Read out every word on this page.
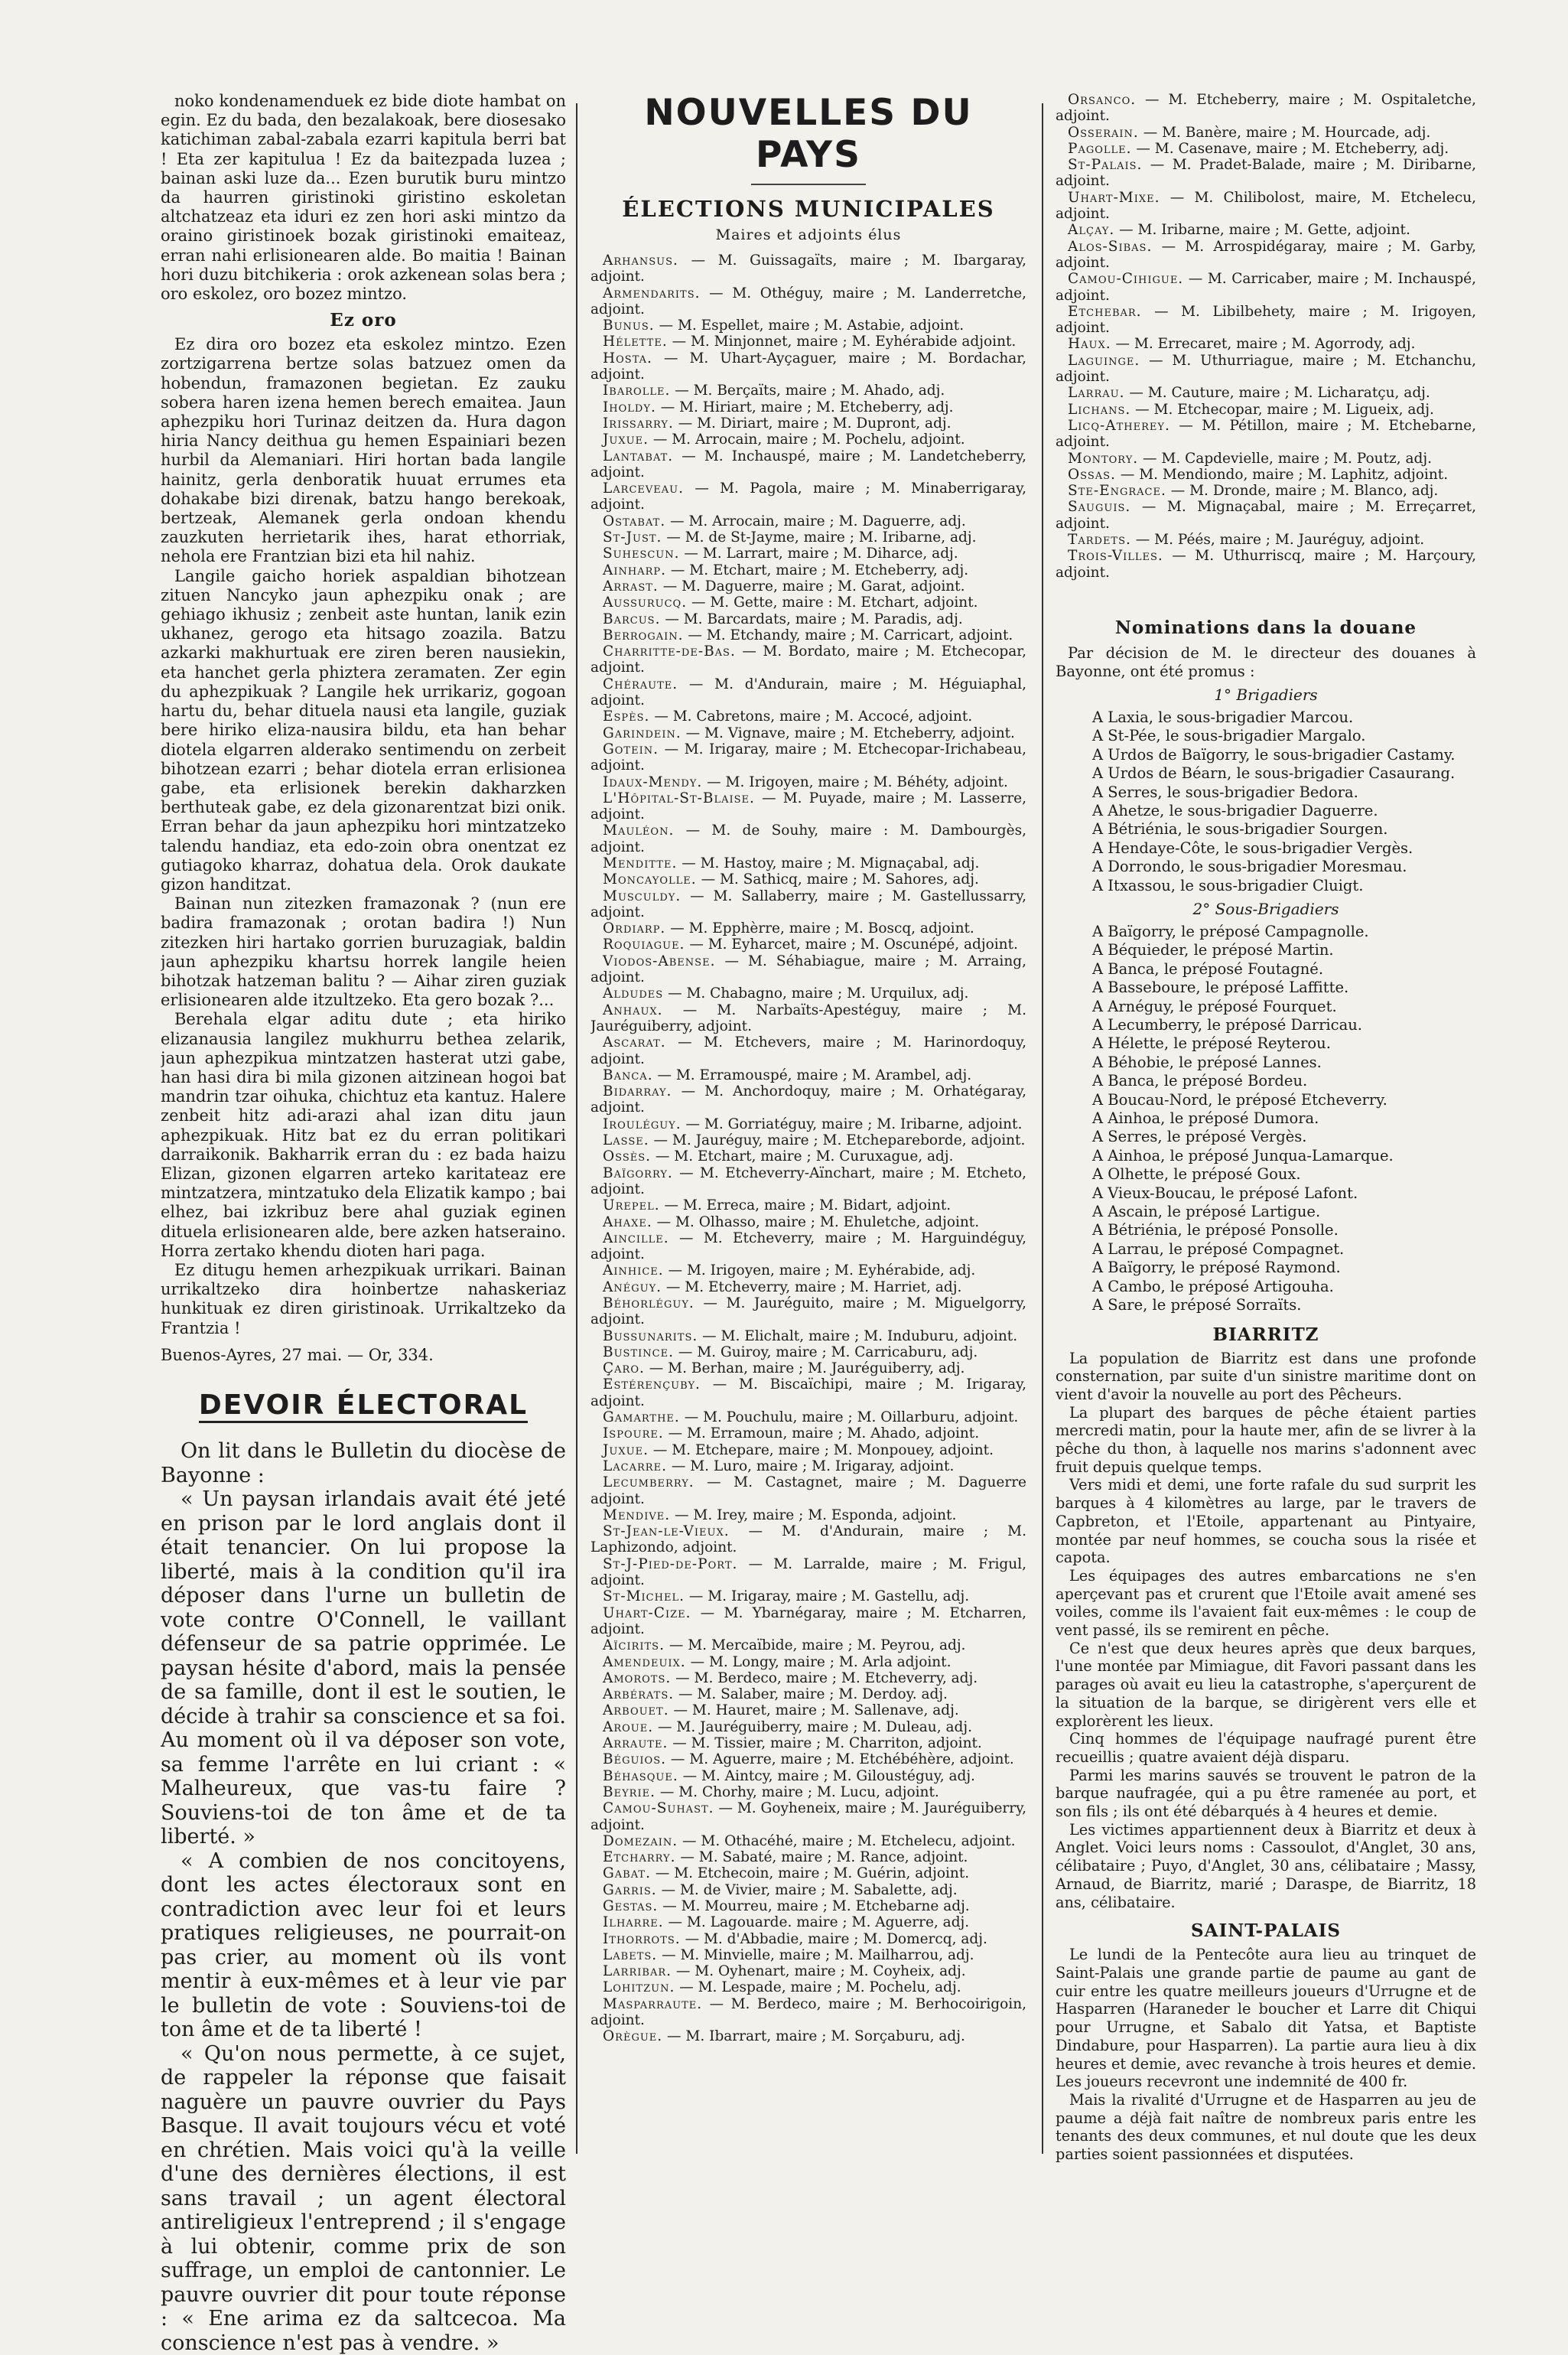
noko kondenamenduek ez bide diote hambat on egin. Ez du bada, den bezalakoak, bere diosesako katichiman zabal-zabala ezarri kapitula berri bat ! Eta zer kapitulua ! Ez da baitezpada luzea ; bainan aski luze da... Ezen burutik buru mintzo da haurren giristinoki giristino eskoletan altchatzeaz eta iduri ez zen hori aski mintzo da oraino giristinoek bozak giristinoki emaiteaz, erran nahi erlisionearen alde. Bo maitia ! Bainan hori duzu bitchikeria : orok azkenean solas bera ; oro eskolez, oro bozez mintzo.

Ez oro

Ez dira oro bozez eta eskolez mintzo. Ezen zortzigarrena bertze solas batzuez omen da hobendun, framazonen begietan. Ez zauku sobera haren izena hemen berech emaitea. Jaun aphezpiku hori Turinaz deitzen da. Hura dagon hiria Nancy deithua gu hemen Espainiari bezen hurbil da Alemaniari. Hiri hortan bada langile hainitz, gerla denboratik huuat errumes eta dohakabe bizi direnak, batzu hango berekoak, bertzeak, Alemanek gerla ondoan khendu zauzkuten herrietarik ihes, harat ethorriak, nehola ere Frantzian bizi eta hil nahiz.

Langile gaicho horiek aspaldian bihotzean zituen Nancyko jaun aphezpiku onak ; are gehiago ikhusiz ; zenbeit aste huntan, lanik ezin ukhanez, gerogo eta hitsago zoazila. Batzu azkarki makhurtuak ere ziren beren nausiekin, eta hanchet gerla phiztera zeramaten. Zer egin du aphezpikuak ? Langile hek urrikariz, gogoan hartu du, behar dituela nausi eta langile, guziak bere hiriko eliza-nausira bildu, eta han behar diotela elgarren alderako sentimendu on zerbeit bihotzean ezarri ; behar diotela erran erlisionea gabe, eta erlisionek berekin dakharzken berthuteak gabe, ez dela gizonarentzat bizi onik. Erran behar da jaun aphezpiku hori mintzatzeko talendu handiaz, eta edo-zoin obra onentzat ez gutiagoko kharraz, dohatua dela. Orok daukate gizon handitzat.

Bainan nun zitezken framazonak ? (nun ere badira framazonak ; orotan badira !) Nun zitezken hiri hartako gorrien buruzagiak, baldin jaun aphezpiku khartsu horrek langile heien bihotzak hatzeman balitu ? — Aihar ziren guziak erlisionearen alde itzultzeko. Eta gero bozak ?...

Berehala elgar aditu dute ; eta hiriko elizanausia langilez mukhurru bethea zelarik, jaun aphezpikua mintzatzen hasterat utzi gabe, han hasi dira bi mila gizonen aitzinean hogoi bat mandrin tzar oihuka, chichtuz eta kantuz. Halere zenbeit hitz adi-arazi ahal izan ditu jaun aphezpikuak. Hitz bat ez du erran politikari darraikonik. Bakharrik erran du : ez bada haizu Elizan, gizonen elgarren arteko karitateaz ere mintzatzera, mintzatuko dela Elizatik kampo ; bai elhez, bai izkribuz bere ahal guziak eginen dituela erlisionearen alde, bere azken hatseraino. Horra zertako khendu dioten hari paga.

Ez ditugu hemen arhezpikuak urrikari. Bainan urrikaltzeko dira hoinbertze nahaskeriaz hunkituak ez diren giristinoak. Urrikaltzeko da Frantzia !

Buenos-Ayres, 27 mai. — Or, 334.

DEVOIR ÉLECTORAL

On lit dans le Bulletin du diocèse de Bayonne :

« Un paysan irlandais avait été jeté en prison par le lord anglais dont il était tenancier. On lui propose la liberté, mais à la condition qu'il ira déposer dans l'urne un bulletin de vote contre O'Connell, le vaillant défenseur de sa patrie opprimée. Le paysan hésite d'abord, mais la pensée de sa famille, dont il est le soutien, le décide à trahir sa conscience et sa foi. Au moment où il va déposer son vote, sa femme l'arrête en lui criant : « Malheureux, que vas-tu faire ? Souviens-toi de ton âme et de ta liberté. »

« A combien de nos concitoyens, dont les actes électoraux sont en contradiction avec leur foi et leurs pratiques religieuses, ne pourrait-on pas crier, au moment où ils vont mentir à eux-mêmes et à leur vie par le bulletin de vote : Souviens-toi de ton âme et de ta liberté !

« Qu'on nous permette, à ce sujet, de rappeler la réponse que faisait naguère un pauvre ouvrier du Pays Basque. Il avait toujours vécu et voté en chrétien. Mais voici qu'à la veille d'une des dernières élections, il est sans travail ; un agent électoral antireligieux l'entreprend ; il s'engage à lui obtenir, comme prix de son suffrage, un emploi de cantonnier. Le pauvre ouvrier dit pour toute réponse : « Ene arima ez da saltcecoa. Ma conscience n'est pas à vendre. »

NOUVELLES DU PAYS
ÉLECTIONS MUNICIPALES
Maires et adjoints élus

Arhansus. — M. Guissagaïts, maire ; M. Ibargaray, adjoint.

Armendarits. — M. Othéguy, maire ; M. Landerretche, adjoint.

Bunus. — M. Espellet, maire ; M. Astabie, adjoint.

Hélette. — M. Minjonnet, maire ; M. Eyhérabide adjoint.

Hosta. — M. Uhart-Ayçaguer, maire ; M. Bordachar, adjoint.

Ibarolle. — M. Berçaïts, maire ; M. Ahado, adj.

Iholdy. — M. Hiriart, maire ; M. Etcheberry, adj.

Irissarry. — M. Diriart, maire ; M. Dupront, adj.

Juxue. — M. Arrocain, maire ; M. Pochelu, adjoint.

Lantabat. — M. Inchauspé, maire ; M. Landetcheberry, adjoint.

Larceveau. — M. Pagola, maire ; M. Minaberrigaray, adjoint.

Ostabat. — M. Arrocain, maire ; M. Daguerre, adj.

St-Just. — M. de St-Jayme, maire ; M. Iribarne, adj.

Suhescun. — M. Larrart, maire ; M. Diharce, adj.

Ainharp. — M. Etchart, maire ; M. Etcheberry, adj.

Arrast. — M. Daguerre, maire ; M. Garat, adjoint.

Aussurucq. — M. Gette, maire : M. Etchart, adjoint.

Barcus. — M. Barcardats, maire ; M. Paradis, adj.

Berrogain. — M. Etchandy, maire ; M. Carricart, adjoint.

Charritte-de-Bas. — M. Bordato, maire ; M. Etchecopar, adjoint.

Chéraute. — M. d'Andurain, maire ; M. Héguiaphal, adjoint.

Espès. — M. Cabretons, maire ; M. Accocé, adjoint.

Garindein. — M. Vignave, maire ; M. Etcheberry, adjoint.

Gotein. — M. Irigaray, maire ; M. Etchecopar-Irichabeau, adjoint.

Idaux-Mendy. — M. Irigoyen, maire ; M. Béhéty, adjoint.

L'Hôpital-St-Blaise. — M. Puyade, maire ; M. Lasserre, adjoint.

Mauléon. — M. de Souhy, maire : M. Dambourgès, adjoint.

Menditte. — M. Hastoy, maire ; M. Mignaçabal, adj.

Moncayolle. — M. Sathicq, maire ; M. Sahores, adj.

Musculdy. — M. Sallaberry, maire ; M. Gastellussarry, adjoint.

Ordiarp. — M. Epphèrre, maire ; M. Boscq, adjoint.

Roquiague. — M. Eyharcet, maire ; M. Oscunépé, adjoint.

Viodos-Abense. — M. Séhabiague, maire ; M. Arraing, adjoint.

Aldudes — M. Chabagno, maire ; M. Urquilux, adj.

Anhaux. — M. Narbaïts-Apestéguy, maire ; M. Jauréguiberry, adjoint.

Ascarat. — M. Etchevers, maire ; M. Harinordoquy, adjoint.

Banca. — M. Erramouspé, maire ; M. Arambel, adj.

Bidarray. — M. Anchordoquy, maire ; M. Orhatégaray, adjoint.

Irouléguy. — M. Gorriatéguy, maire ; M. Iribarne, adjoint.

Lasse. — M. Jauréguy, maire ; M. Etchepareborde, adjoint.

Ossès. — M. Etchart, maire ; M. Curuxague, adj.

Baïgorry. — M. Etcheverry-Aïnchart, maire ; M. Etcheto, adjoint.

Urepel. — M. Erreca, maire ; M. Bidart, adjoint.

Ahaxe. — M. Olhasso, maire ; M. Ehuletche, adjoint.

Aincille. — M. Etcheverry, maire ; M. Harguindéguy, adjoint.

Ainhice. — M. Irigoyen, maire ; M. Eyhérabide, adj.

Anéguy. — M. Etcheverry, maire ; M. Harriet, adj.

Béhorléguy. — M. Jauréguito, maire ; M. Miguelgorry, adjoint.

Bussunarits. — M. Elichalt, maire ; M. Induburu, adjoint.

Bustince. — M. Guiroy, maire ; M. Carricaburu, adj.

Çaro. — M. Berhan, maire ; M. Jauréguiberry, adj.

Estérençuby. — M. Biscaïchipi, maire ; M. Irigaray, adjoint.

Gamarthe. — M. Pouchulu, maire ; M. Oillarburu, adjoint.

Ispoure. — M. Erramoun, maire ; M. Ahado, adjoint.

Juxue. — M. Etchepare, maire ; M. Monpouey, adjoint.

Lacarre. — M. Luro, maire ; M. Irigaray, adjoint.

Lecumberry. — M. Castagnet, maire ; M. Daguerre adjoint.

Mendive. — M. Irey, maire ; M. Esponda, adjoint.

St-Jean-le-Vieux. — M. d'Andurain, maire ; M. Laphizondo, adjoint.

St-J-Pied-de-Port. — M. Larralde, maire ; M. Frigul, adjoint.

St-Michel. — M. Irigaray, maire ; M. Gastellu, adj.

Uhart-Cize. — M. Ybarnégaray, maire ; M. Etcharren, adjoint.

Aïcirits. — M. Mercaïbide, maire ; M. Peyrou, adj.

Amendeuix. — M. Longy, maire ; M. Arla adjoint.

Amorots. — M. Berdeco, maire ; M. Etcheverry, adj.

Arbérats. — M. Salaber, maire ; M. Derdoy. adj.

Arbouet. — M. Hauret, maire ; M. Sallenave, adj.

Aroue. — M. Jauréguiberry, maire ; M. Duleau, adj.

Arraute. — M. Tissier, maire ; M. Charriton, adjoint.

Béguios. — M. Aguerre, maire ; M. Etchébéhère, adjoint.

Béhasque. — M. Aintcy, maire ; M. Giloustéguy, adj.

Beyrie. — M. Chorhy, maire ; M. Lucu, adjoint.

Camou-Suhast. — M. Goyheneix, maire ; M. Jauréguiberry, adjoint.

Domezain. — M. Othacéhé, maire ; M. Etchelecu, adjoint.

Etcharry. — M. Sabaté, maire ; M. Rance, adjoint.

Gabat. — M. Etchecoin, maire ; M. Guérin, adjoint.

Garris. — M. de Vivier, maire ; M. Sabalette, adj.

Gestas. — M. Mourreu, maire ; M. Etchebarne adj.

Ilharre. — M. Lagouarde. maire ; M. Aguerre, adj.

Ithorrots. — M. d'Abbadie, maire ; M. Domercq, adj.

Labets. — M. Minvielle, maire ; M. Mailharrou, adj.

Larribar. — M. Oyhenart, maire ; M. Coyheix, adj.

Lohitzun. — M. Lespade, maire ; M. Pochelu, adj.

Masparraute. — M. Berdeco, maire ; M. Berhocoirigoin, adjoint.

Orègue. — M. Ibarrart, maire ; M. Sorçaburu, adj.

Orsanco. — M. Etcheberry, maire ; M. Ospitaletche, adjoint.

Osserain. — M. Banère, maire ; M. Hourcade, adj.

Pagolle. — M. Casenave, maire ; M. Etcheberry, adj.

St-Palais. — M. Pradet-Balade, maire ; M. Diribarne, adjoint.

Uhart-Mixe. — M. Chilibolost, maire, M. Etchelecu, adjoint.

Alçay. — M. Iribarne, maire ; M. Gette, adjoint.

Alos-Sibas. — M. Arrospidégaray, maire ; M. Garby, adjoint.

Camou-Cihigue. — M. Carricaber, maire ; M. Inchauspé, adjoint.

Etchebar. — M. Libilbehety, maire ; M. Irigoyen, adjoint.

Haux. — M. Errecaret, maire ; M. Agorrody, adj.

Laguinge. — M. Uthurriague, maire ; M. Etchanchu, adjoint.

Larrau. — M. Cauture, maire ; M. Licharatçu, adj.

Lichans. — M. Etchecopar, maire ; M. Ligueix, adj.

Licq-Atherey. — M. Pétillon, maire ; M. Etchebarne, adjoint.

Montory. — M. Capdevielle, maire ; M. Poutz, adj.

Ossas. — M. Mendiondo, maire ; M. Laphitz, adjoint.

Ste-Engrace. — M. Dronde, maire ; M. Blanco, adj.

Sauguis. — M. Mignaçabal, maire ; M. Erreçarret, adjoint.

Tardets. — M. Péés, maire ; M. Jauréguy, adjoint.

Trois-Villes. — M. Uthurriscq, maire ; M. Harçoury, adjoint.

Nominations dans la douane

Par décision de M. le directeur des douanes à Bayonne, ont été promus :

1° Brigadiers
A Laxia, le sous-brigadier Marcou.
A St-Pée, le sous-brigadier Margalo.
A Urdos de Baïgorry, le sous-brigadier Castamy.
A Urdos de Béarn, le sous-brigadier Casaurang.
A Serres, le sous-brigadier Bedora.
A Ahetze, le sous-brigadier Daguerre.
A Bétriénia, le sous-brigadier Sourgen.
A Hendaye-Côte, le sous-brigadier Vergès.
A Dorrondo, le sous-brigadier Moresmau.
A Itxassou, le sous-brigadier Cluigt.
2° Sous-Brigadiers
A Baïgorry, le préposé Campagnolle.
A Béquieder, le préposé Martin.
A Banca, le préposé Foutagné.
A Bassebourе, le préposé Laffitte.
A Arnéguy, le préposé Fourquet.
A Lecumberry, le préposé Darricau.
A Hélette, le préposé Reyterou.
A Béhobie, le préposé Lannes.
A Banca, le préposé Bordeu.
A Boucau-Nord, le préposé Etcheverry.
A Ainhoa, le préposé Dumora.
A Serres, le préposé Vergès.
A Ainhoa, le préposé Junqua-Lamarque.
A Olhette, le préposé Goux.
A Vieux-Boucau, le préposé Lafont.
A Ascain, le préposé Lartigue.
A Bétriénia, le préposé Ponsolle.
A Larrau, le préposé Compagnet.
A Baïgorry, le préposé Raymond.
A Cambo, le préposé Artigouha.
A Sare, le préposé Sorraïts.
BIARRITZ

La population de Biarritz est dans une profonde consternation, par suite d'un sinistre maritime dont on vient d'avoir la nouvelle au port des Pêcheurs.

La plupart des barques de pêche étaient parties mercredi matin, pour la haute mer, afin de se livrer à la pêche du thon, à laquelle nos marins s'adonnent avec fruit depuis quelque temps.

Vers midi et demi, une forte rafale du sud surprit les barques à 4 kilomètres au large, par le travers de Capbreton, et l'Etoile, appartenant au Pintyaire, montée par neuf hommes, se coucha sous la risée et capota.

Les équipages des autres embarcations ne s'en aperçevant pas et crurent que l'Etoile avait amené ses voiles, comme ils l'avaient fait eux-mêmes : le coup de vent passé, ils se remirent en pêche.

Ce n'est que deux heures après que deux barques, l'une montée par Mimiague, dit Favori passant dans les parages où avait eu lieu la catastrophe, s'aperçurent de la situation de la barque, se dirigèrent vers elle et explorèrent les lieux.

Cinq hommes de l'équipage naufragé purent être recueillis ; quatre avaient déjà disparu.

Parmi les marins sauvés se trouvent le patron de la barque naufragée, qui a pu être ramenée au port, et son fils ; ils ont été débarqués à 4 heures et demie.

Les victimes appartiennent deux à Biarritz et deux à Anglet. Voici leurs noms : Cassoulot, d'Anglet, 30 ans, célibataire ; Puyo, d'Anglet, 30 ans, célibataire ; Massy, Arnaud, de Biarritz, marié ; Daraspe, de Biarritz, 18 ans, célibataire.

SAINT-PALAIS

Le lundi de la Pentecôte aura lieu au trinquet de Saint-Palais une grande partie de paume au gant de cuir entre les quatre meilleurs joueurs d'Urrugne et de Hasparren (Haraneder le boucher et Larre dit Chiqui pour Urrugne, et Sabalo dit Yatsa, et Baptiste Dindabure, pour Hasparren). La partie aura lieu à dix heures et demie, avec revanche à trois heures et demie. Les joueurs recevront une indemnité de 400 fr.

Mais la rivalité d'Urrugne et de Hasparren au jeu de paume a déjà fait naître de nombreux paris entre les tenants des deux communes, et nul doute que les deux parties soient passionnées et disputées.
